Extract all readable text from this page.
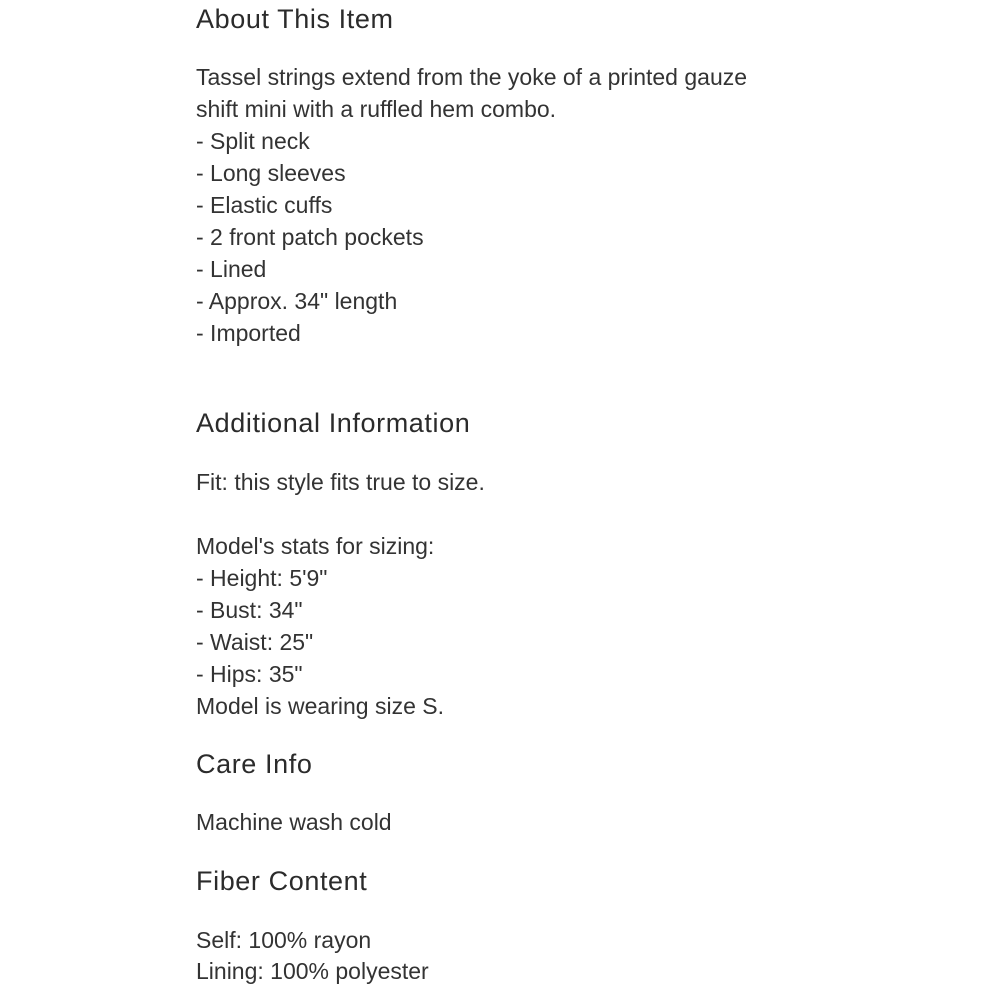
About This Item

Tassel strings extend from the yoke of a printed gauze

shift mini with a ruffled hem combo.

- Split neck
- Long sleeves
- Elastic cuffs
- 2 front patch pockets
- Lined
- Approx. 34" length
- Imported
Additional Information

Fit: this style fits true to size.

Model's stats for sizing:

- Height: 5'9"
- Bust: 34"
- Waist: 25"
- Hips: 35"

Model is wearing size S.

Care Info

Machine wash cold

Fiber Content

Self: 100% rayon

Lining: 100% polyester
